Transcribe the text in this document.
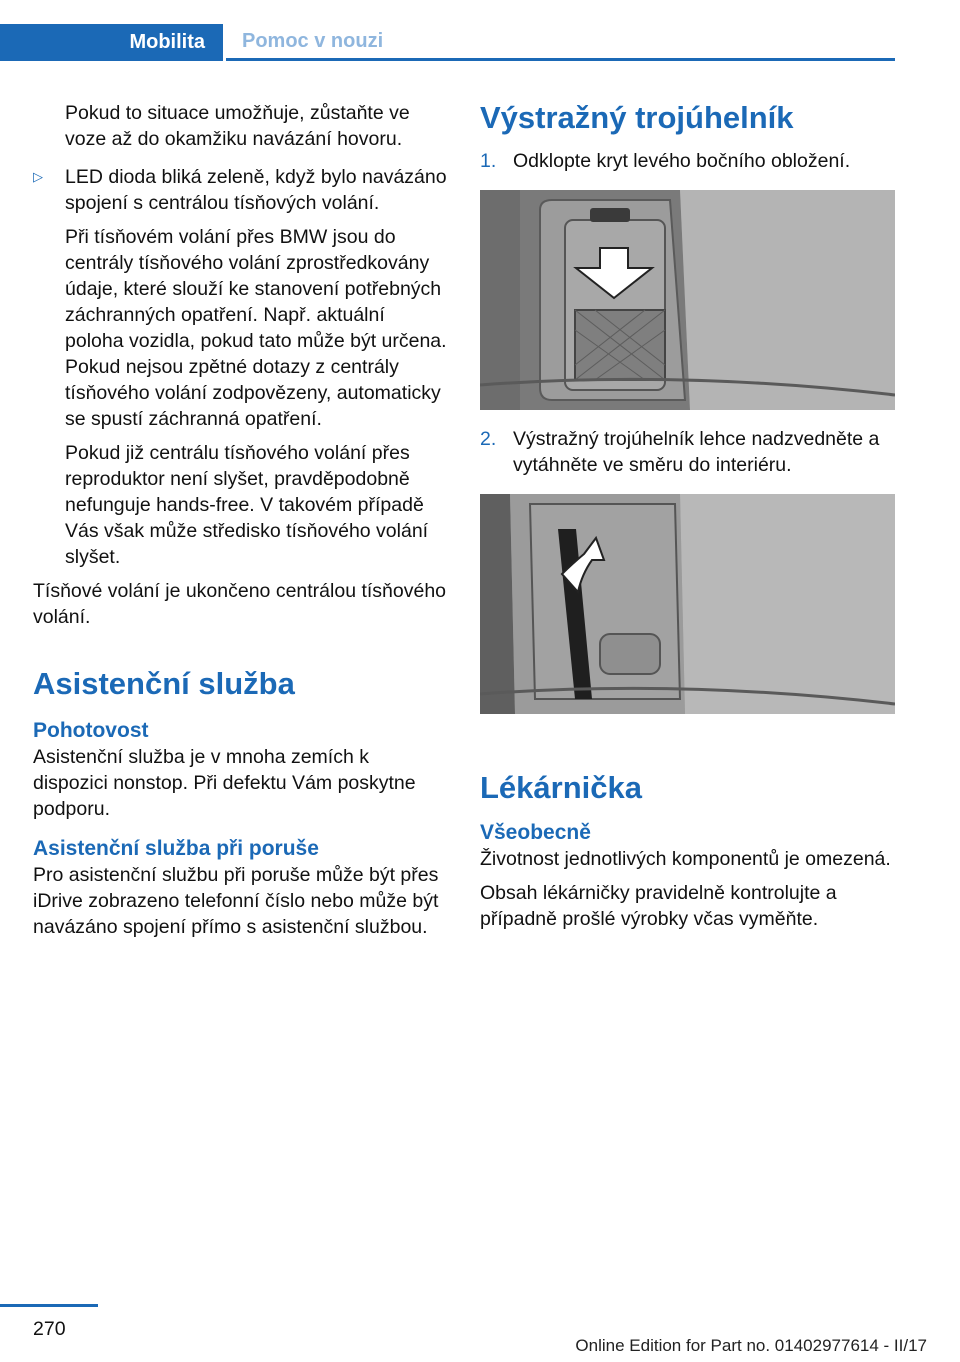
Mobilita	Pomoc v nouzi

Pokud to situace umožňuje, zůstaňte ve voze až do okamžiku navázání hovoru.

▷	LED dioda bliká zeleně, když bylo navázáno spojení s centrálou tísňových volání.

Při tísňovém volání přes BMW jsou do centrály tísňového volání zprostředkovány údaje, které slouží ke stanovení potřebných záchranných opatření. Např. aktuální poloha vozidla, pokud tato může být určena. Pokud nejsou zpětné dotazy z centrály tísňového volání zodpovězeny, automaticky se spustí záchranná opatření.

Pokud již centrálu tísňového volání přes reproduktor není slyšet, pravděpodobně nefunguje hands-free. V takovém případě Vás však může středisko tísňového volání slyšet.

Tísňové volání je ukončeno centrálou tísňového volání.

Asistenční služba
Pohotovost

Asistenční služba je v mnoha zemích k dispozici nonstop. Při defektu Vám poskytne podporu.

Asistenční služba při poruše

Pro asistenční službu při poruše může být přes iDrive zobrazeno telefonní číslo nebo může být navázáno spojení přímo s asistenční službou.

Výstražný trojúhelník
1. Odklopte kryt levého bočního obložení.

2. Výstražný trojúhelník lehce nadzvedněte a vytáhněte ve směru do interiéru.

Lékárnička
Všeobecně

Životnost jednotlivých komponentů je omezená.

Obsah lékárničky pravidelně kontrolujte a případně prošlé výrobky včas vyměňte.

270
Online Edition for Part no. 01402977614 - II/17
